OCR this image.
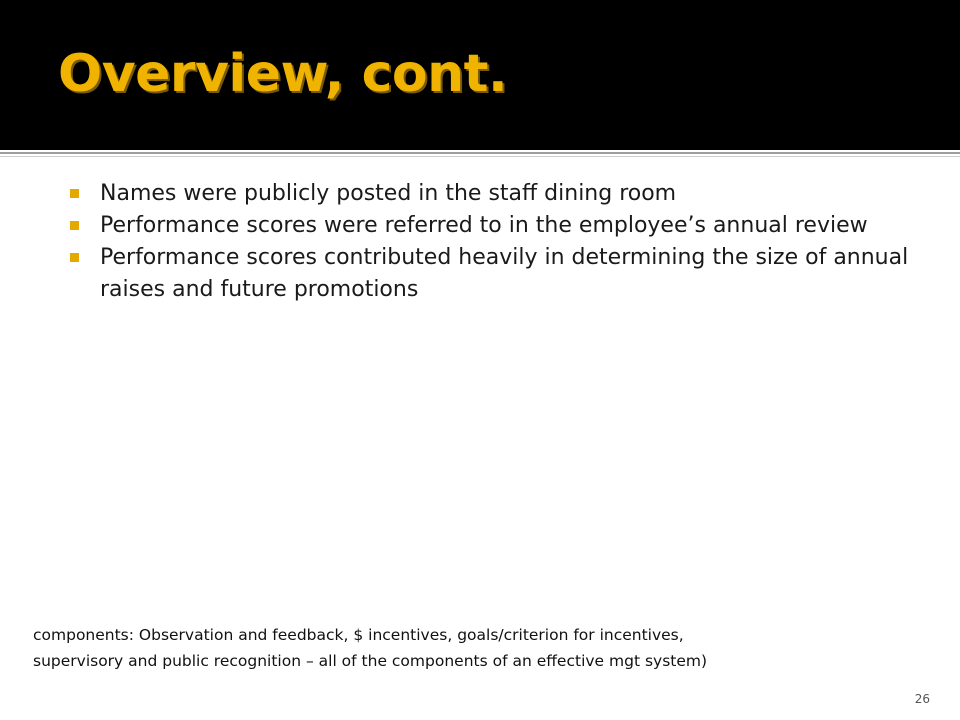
Overview, cont.
Names were publicly posted in the staff dining room
Performance scores were referred to in the employee’s annual review
Performance scores contributed heavily in determining the size of annual raises and future promotions
components: Observation and feedback, $ incentives, goals/criterion for incentives,
supervisory and public recognition – all of the components of an effective mgt system)
26
